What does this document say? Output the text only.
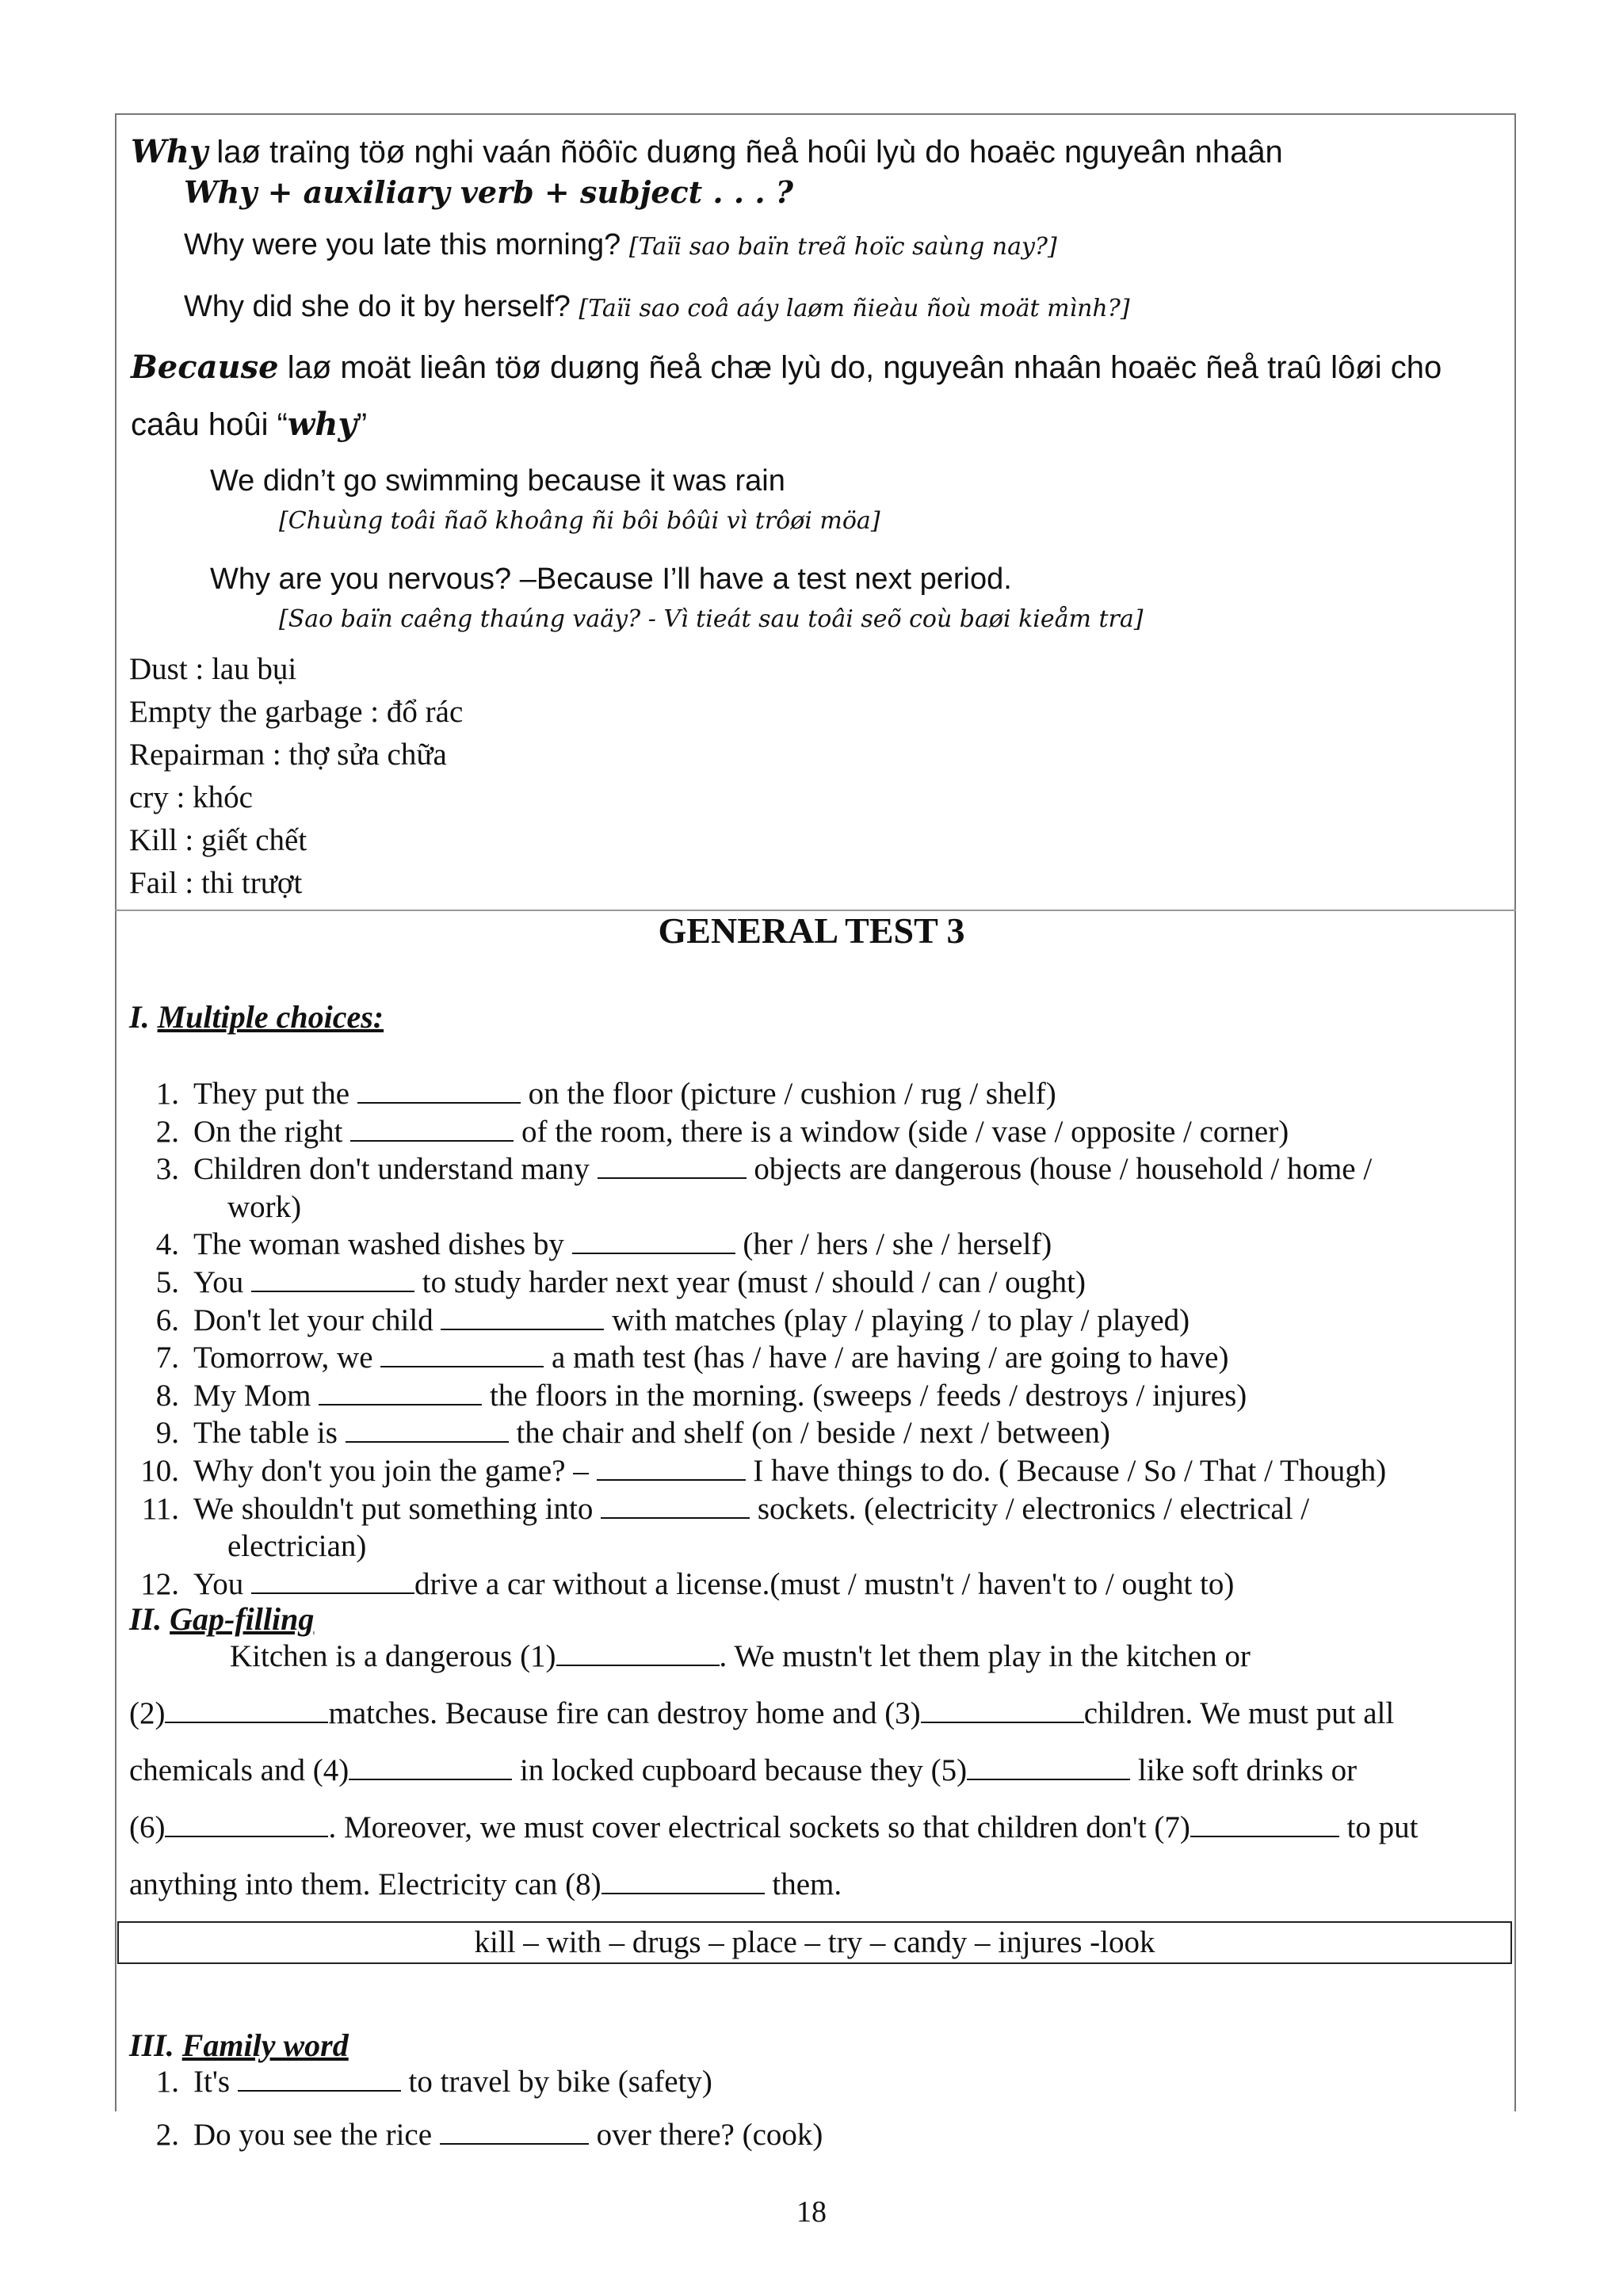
Why laø traïng töø nghi vaán ñöôïc duøng ñeå hoûi lyù do hoaëc nguyeân nhaân
Why + auxiliary verb + subject . . . ?
Why were you late this morning? [Taïi sao baïn treã hoïc saùng nay?]
Why did she do it by herself? [Taïi sao coâ aáy laøm ñieàu ñoù moät mình?]
Because laø moät lieân töø duøng ñeå chæ lyù do, nguyeân nhaân hoaëc ñeå traû lôøi cho
caâu hoûi “why”
We didn’t go swimming because it was rain
[Chuùng toâi ñaõ khoâng ñi bôi bôûi vì trôøi möa]
Why are you nervous? –Because I’ll have a test next period.
[Sao baïn caêng thaúng vaäy? - Vì tieát sau toâi seõ coù baøi kieåm tra]
Dust : lau bụi
Empty the garbage : đổ rác
Repairman : thợ sửa chữa
cry : khóc
Kill : giết chết
Fail : thi trượt
GENERAL TEST 3
I. Multiple choices:
1. They put the	on the floor (picture / cushion / rug / shelf)
2. On the right	of the room, there is a window (side / vase / opposite / corner)
3. Children don't understand many	objects are dangerous (house / household / home /
work)
4. The woman washed dishes by	(her / hers / she / herself)
5. You	to study harder next year (must / should / can / ought)
6. Don't let your child	with matches (play / playing / to play / played)
7. Tomorrow, we	a math test (has / have / are having / are going to have)
8. My Mom	the floors in the morning. (sweeps / feeds / destroys / injures)
9. The table is	the chair and shelf (on / beside / next / between)
10. Why don't you join the game? –	I have things to do. ( Because / So / That / Though)
11. We shouldn't put something into	sockets. (electricity / electronics / electrical /
electrician)
12. You	drive a car without a license.(must / mustn't / haven't to / ought to)
II. Gap-filling
Kitchen is a dangerous (1)	. We mustn't let them play in the kitchen or
(2)	matches. Because fire can destroy home and (3)	children. We must put all
chemicals and (4)	in locked cupboard because they (5)	like soft drinks or
(6)	. Moreover, we must cover electrical sockets so that children don't (7)	to put
anything into them. Electricity can (8)	them.
kill – with – drugs – place – try – candy – injures -look
III. Family word
1. It's	to travel by bike (safety)
2. Do you see the rice	over there? (cook)
18
